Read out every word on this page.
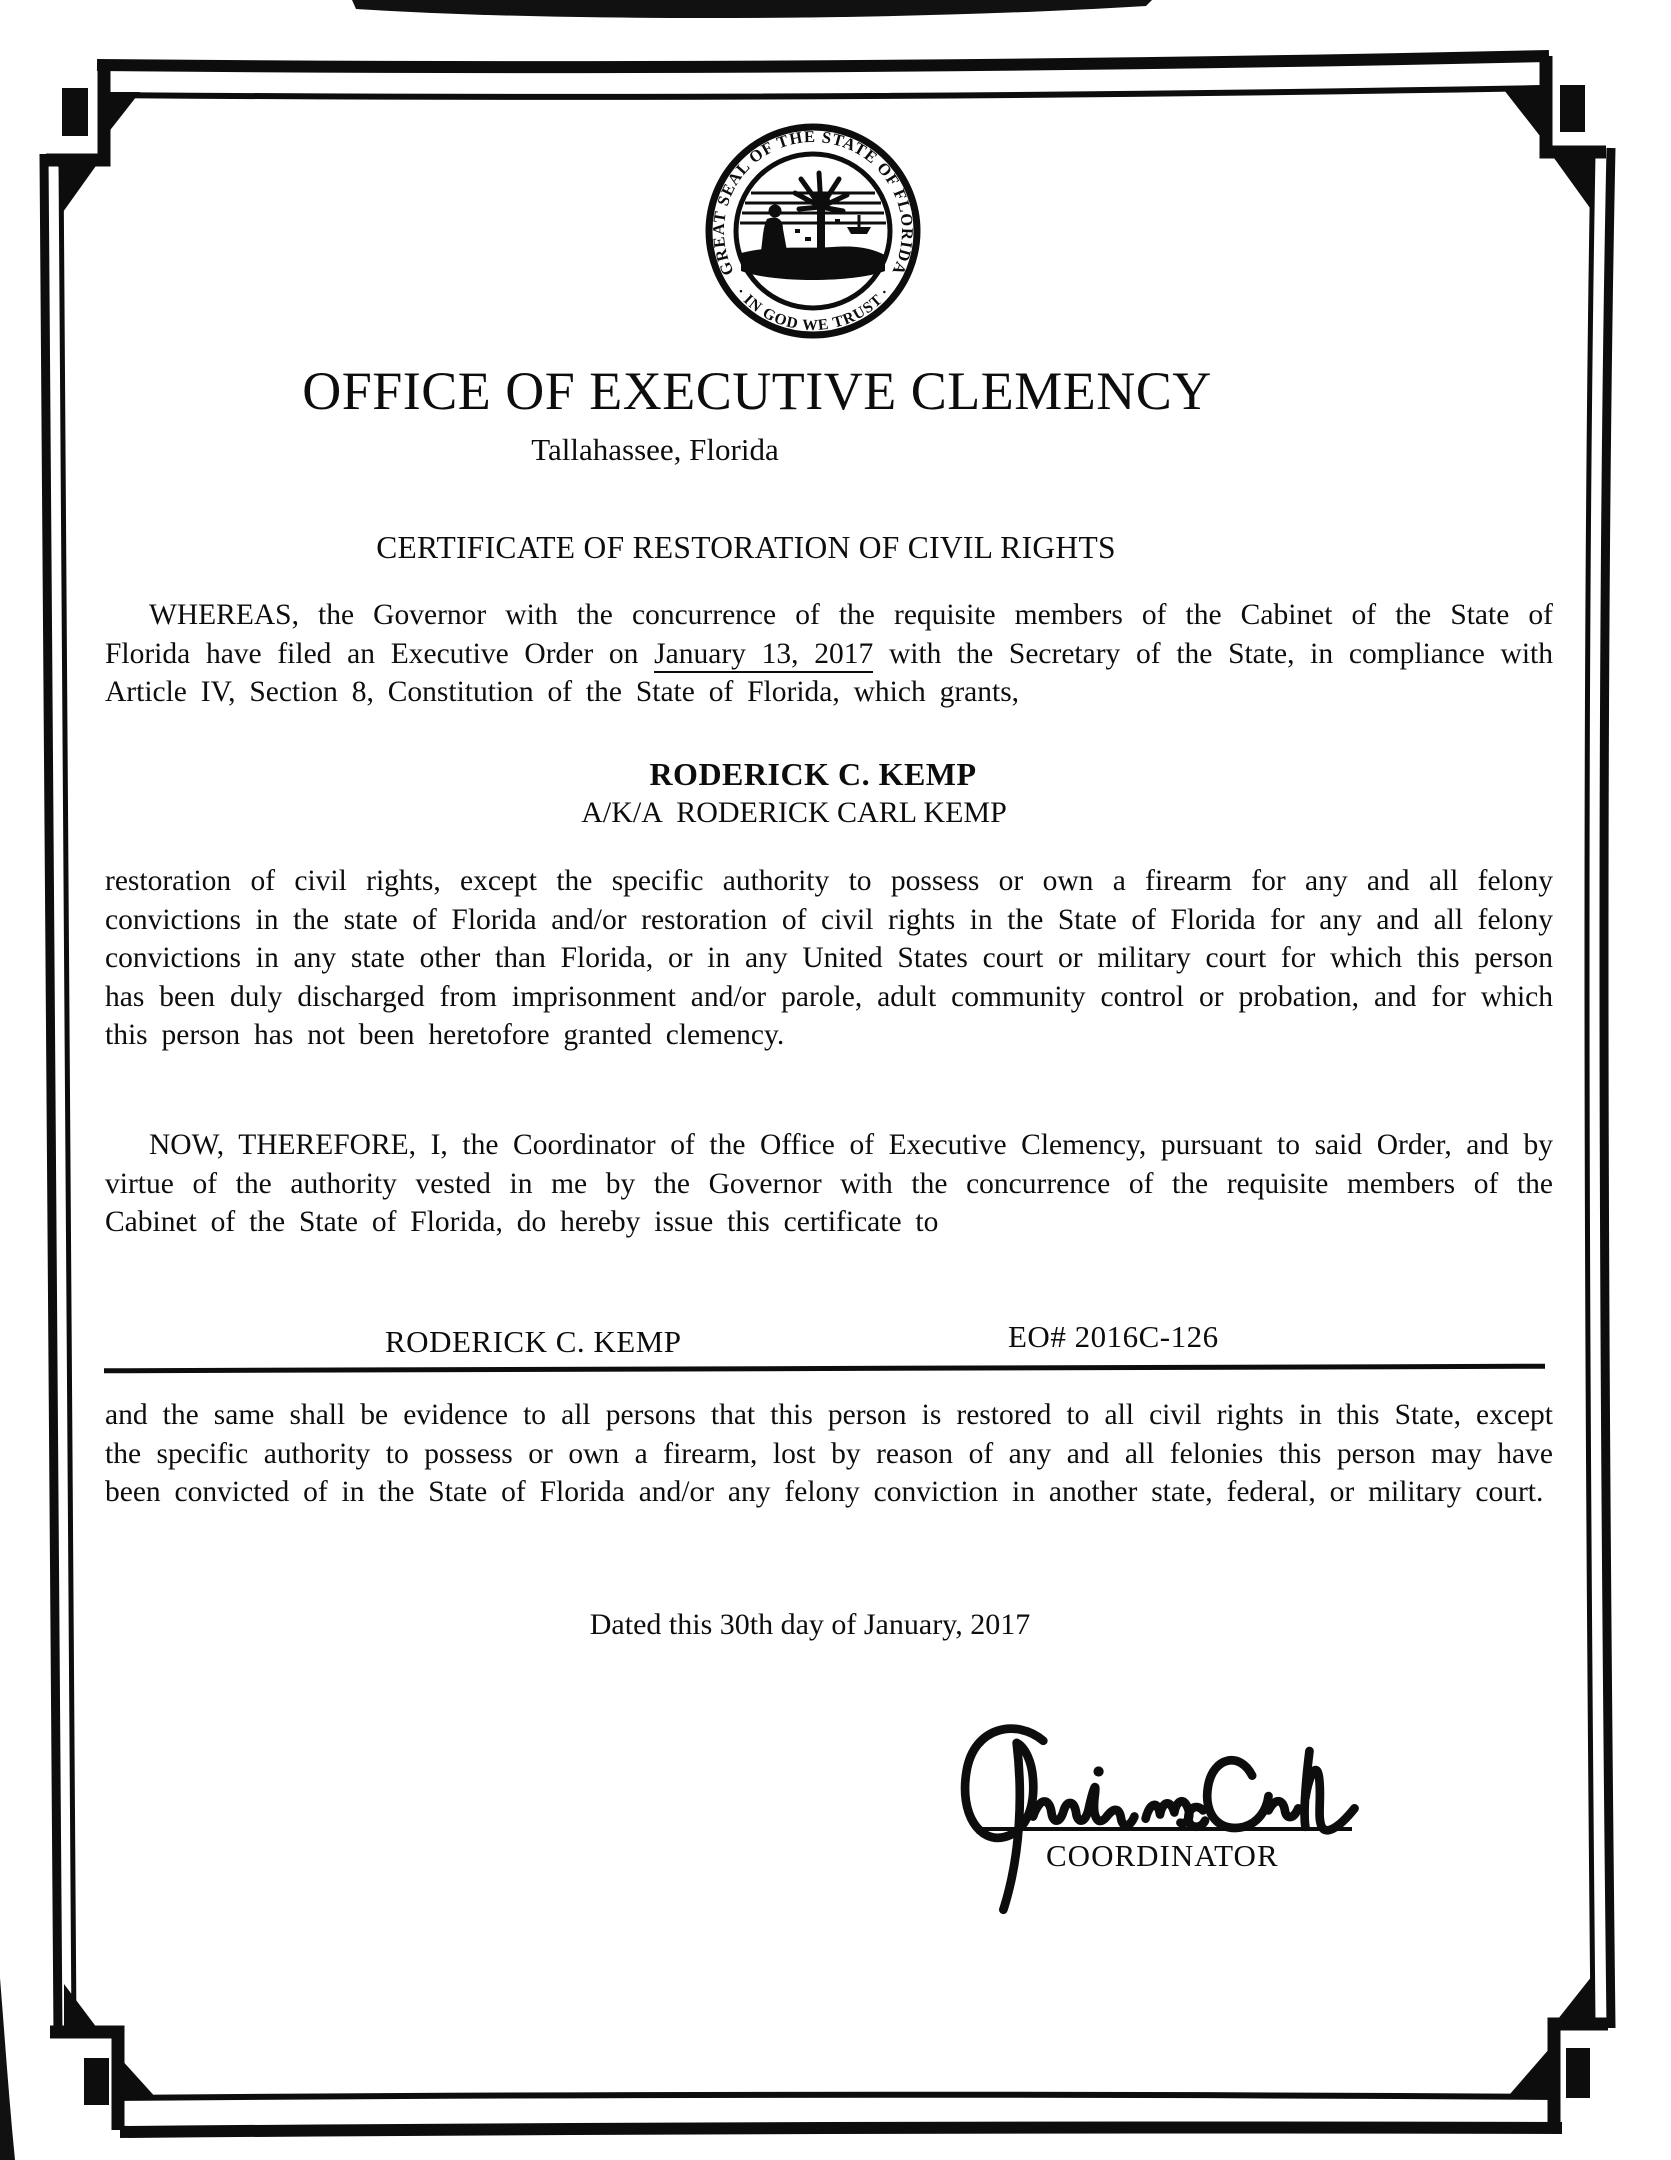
GREAT SEAL OF THE STATE OF FLORIDA
· IN GOD WE TRUST ·
OFFICE OF EXECUTIVE CLEMENCY
Tallahassee, Florida
CERTIFICATE OF RESTORATION OF CIVIL RIGHTS

WHEREAS, the Governor with the concurrence of the requisite members of the Cabinet of the State of Florida have filed an Executive Order on January 13, 2017 with the Secretary of the State, in compliance with Article IV, Section 8, Constitution of the State of Florida, which grants,

RODERICK C. KEMP
A/K/A  RODERICK CARL KEMP

restoration of civil rights, except the specific authority to possess or own a firearm for any and all felony convictions in the state of Florida and/or restoration of civil rights in the State of Florida for any and all felony convictions in any state other than Florida, or in any United States court or military court for which this person has been duly discharged from imprisonment and/or parole, adult community control or probation, and for which this person has not been heretofore granted clemency.

NOW, THEREFORE, I, the Coordinator of the Office of Executive Clemency, pursuant to said Order, and by virtue of the authority vested in me by the Governor with the concurrence of the requisite members of the Cabinet of the State of Florida, do hereby issue this certificate to

RODERICK C. KEMP	EO# 2016C-126

and the same shall be evidence to all persons that this person is restored to all civil rights in this State, except the specific authority to possess or own a firearm, lost by reason of any and all felonies this person may have been convicted of in the State of Florida and/or any felony conviction in another state, federal, or military court.

Dated this 30th day of January, 2017
COORDINATOR
